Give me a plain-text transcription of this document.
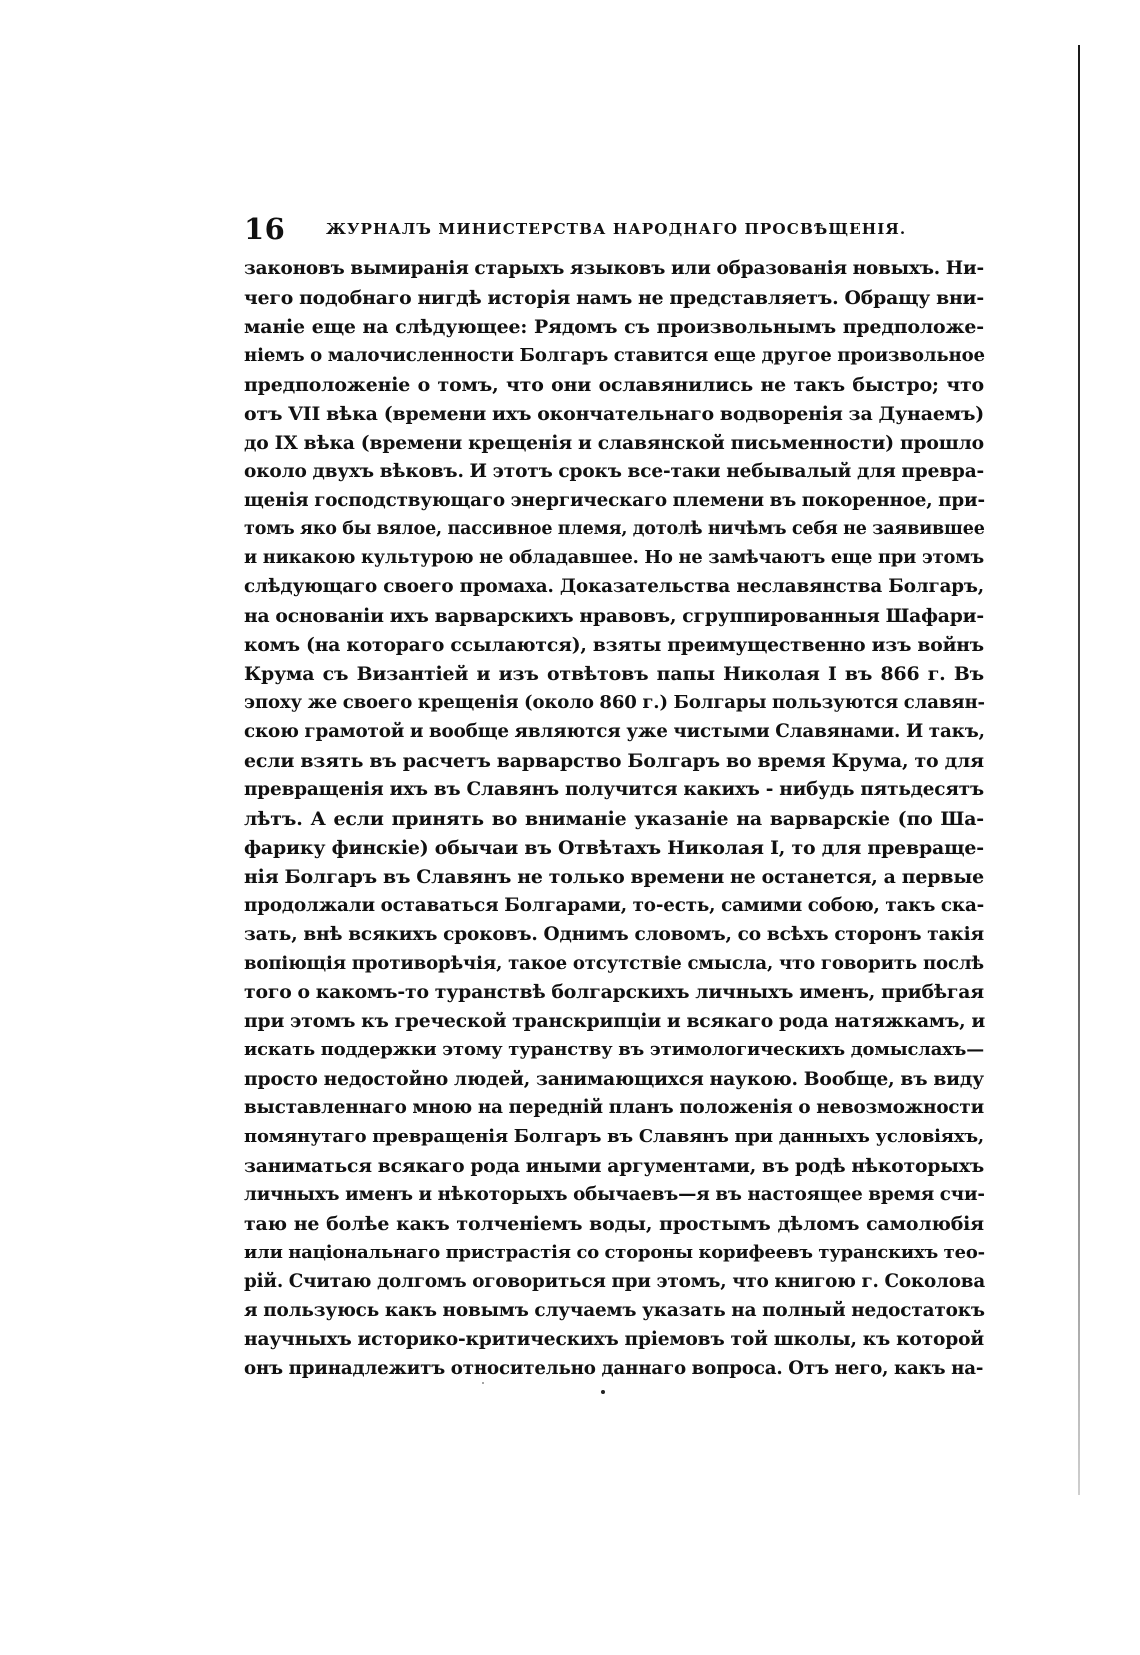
16	ЖУРНАЛЪ МИНИСТЕРСТВА НАРОДНАГО ПРОСВѢЩЕНІЯ.
законовъ вымиранія старыхъ языковъ или образованія новыхъ. Ни-
чего подобнаго нигдѣ исторія намъ не представляетъ. Обращу вни-
маніе еще на слѣдующее: Рядомъ съ произвольнымъ предположе-
ніемъ о малочисленности Болгаръ ставится еще другое произвольное
предположеніе о томъ, что они ославянились не такъ быстро; что
отъ VII вѣка (времени ихъ окончательнаго водворенія за Дунаемъ)
до IX вѣка (времени крещенія и славянской письменности) прошло
около двухъ вѣковъ. И этотъ срокъ все-таки небывалый для превра-
щенія господствующаго энергическаго племени въ покоренное, при-
томъ яко бы вялое, пассивное племя, дотолѣ ничѣмъ себя не заявившее
и никакою культурою не обладавшее. Но не замѣчаютъ еще при этомъ
слѣдующаго своего промаха. Доказательства неславянства Болгаръ,
на основаніи ихъ варварскихъ нравовъ, сгруппированныя Шафари-
комъ (на котораго ссылаются), взяты преимущественно изъ войнъ
Крума съ Византіей и изъ отвѣтовъ папы Николая I въ 866 г. Въ
эпоху же своего крещенія (около 860 г.) Болгары пользуются славян-
скою грамотой и вообще являются уже чистыми Славянами. И такъ,
если взять въ расчетъ варварство Болгаръ во время Крума, то для
превращенія ихъ въ Славянъ получится какихъ - нибудь пятьдесятъ
лѣтъ. А если принять во вниманіе указаніе на варварскіе (по Ша-
фарику финскіе) обычаи въ Отвѣтахъ Николая I, то для превраще-
нія Болгаръ въ Славянъ не только времени не останется, а первые
продолжали оставаться Болгарами, то-есть, самими собою, такъ ска-
зать, внѣ всякихъ сроковъ. Однимъ словомъ, со всѣхъ сторонъ такія
вопіющія противорѣчія, такое отсутствіе смысла, что говорить послѣ
того о какомъ-то туранствѣ болгарскихъ личныхъ именъ, прибѣгая
при этомъ къ греческой транскрипціи и всякаго рода натяжкамъ, и
искать поддержки этому туранству въ этимологическихъ домыслахъ—
просто недостойно людей, занимающихся наукою. Вообще, въ виду
выставленнаго мною на передній планъ положенія о невозможности
помянутаго превращенія Болгаръ въ Славянъ при данныхъ условіяхъ,
заниматься всякаго рода иными аргументами, въ родѣ нѣкоторыхъ
личныхъ именъ и нѣкоторыхъ обычаевъ—я въ настоящее время счи-
таю не болѣе какъ толченіемъ воды, простымъ дѣломъ самолюбія
или національнаго пристрастія со стороны корифеевъ туранскихъ тео-
рій. Считаю долгомъ оговориться при этомъ, что книгою г. Соколова
я пользуюсь какъ новымъ случаемъ указать на полный недостатокъ
научныхъ историко-критическихъ пріемовъ той школы, къ которой
онъ принадлежитъ относительно даннаго вопроса. Отъ него, какъ на-
